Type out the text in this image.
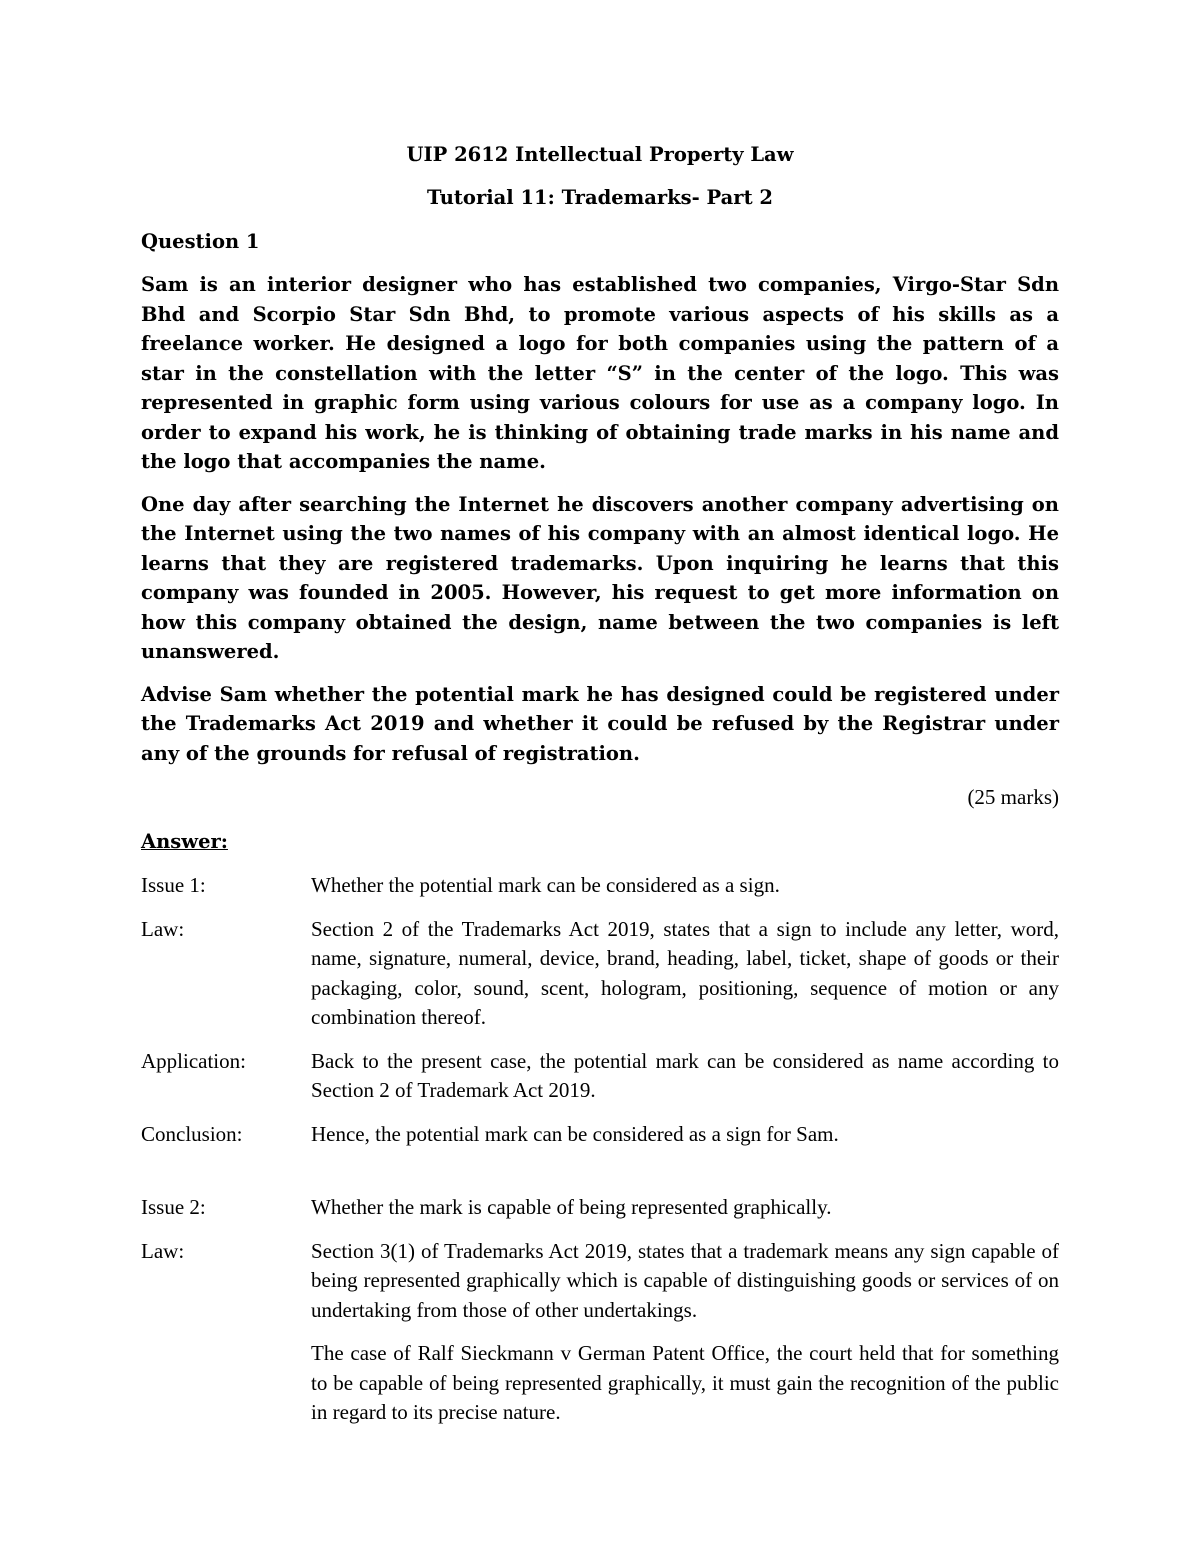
UIP 2612 Intellectual Property Law

Tutorial 11: Trademarks- Part 2

Question 1

Sam is an interior designer who has established two companies, Virgo-Star Sdn Bhd and Scorpio Star Sdn Bhd, to promote various aspects of his skills as a freelance worker. He designed a logo for both companies using the pattern of a star in the constellation with the letter “S” in the center of the logo. This was represented in graphic form using various colours for use as a company logo. In order to expand his work, he is thinking of obtaining trade marks in his name and the logo that accompanies the name.

One day after searching the Internet he discovers another company advertising on the Internet using the two names of his company with an almost identical logo. He learns that they are registered trademarks. Upon inquiring he learns that this company was founded in 2005. However, his request to get more information on how this company obtained the design, name between the two companies is left unanswered.

Advise Sam whether the potential mark he has designed could be registered under the Trademarks Act 2019 and whether it could be refused by the Registrar under any of the grounds for refusal of registration.

(25 marks)

Answer:

Issue 1:	Whether the potential mark can be considered as a sign.
Law:	Section 2 of the Trademarks Act 2019, states that a sign to include any letter, word, name, signature, numeral, device, brand, heading, label, ticket, shape of goods or their packaging, color, sound, scent, hologram, positioning, sequence of motion or any combination thereof.
Application:	Back to the present case, the potential mark can be considered as name according to Section 2 of Trademark Act 2019.
Conclusion:	Hence, the potential mark can be considered as a sign for Sam.
Issue 2:	Whether the mark is capable of being represented graphically.
Law:	Section 3(1) of Trademarks Act 2019, states that a trademark means any sign capable of being represented graphically which is capable of distinguishing goods or services of on undertaking from those of other undertakings.

The case of Ralf Sieckmann v German Patent Office, the court held that for something to be capable of being represented graphically, it must gain the recognition of the public in regard to its precise nature.
